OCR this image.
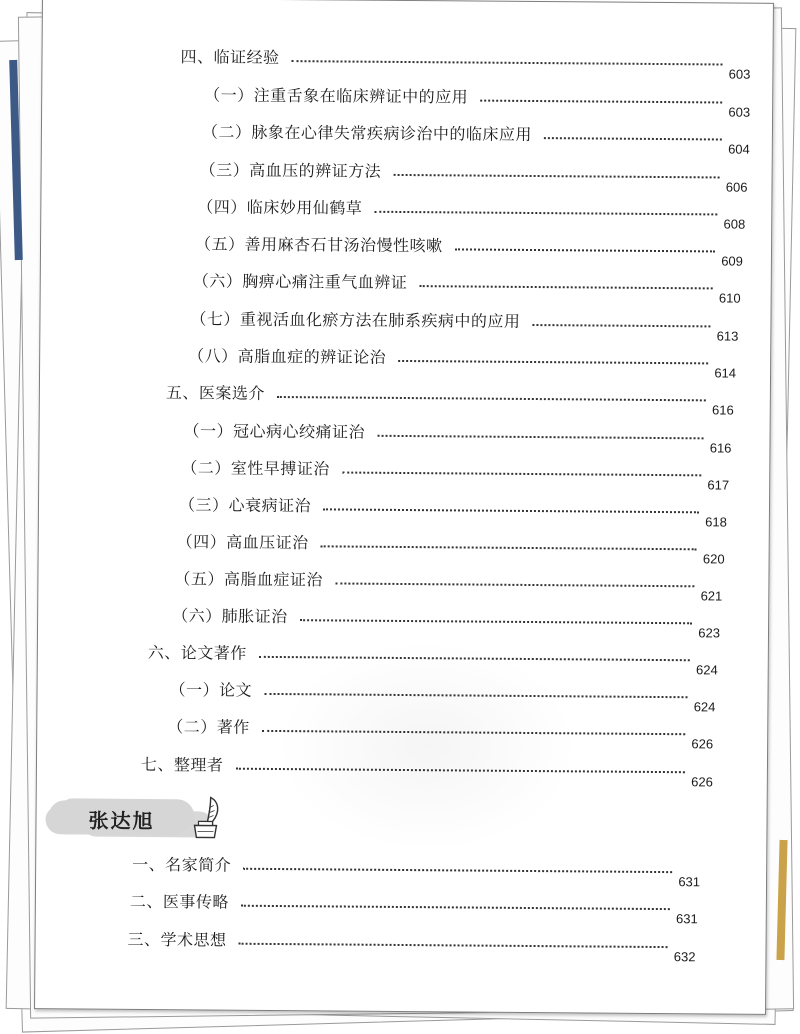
四、临证经验
603
（一）注重舌象在临床辨证中的应用
603
（二）脉象在心律失常疾病诊治中的临床应用
604
（三）高血压的辨证方法
606
（四）临床妙用仙鹤草
608
（五）善用麻杏石甘汤治慢性咳嗽
609
（六）胸痹心痛注重气血辨证
610
（七）重视活血化瘀方法在肺系疾病中的应用
613
（八）高脂血症的辨证论治
614
五、医案选介
616
（一）冠心病心绞痛证治
616
（二）室性早搏证治
617
（三）心衰病证治
618
（四）高血压证治
620
（五）高脂血症证治
621
（六）肺胀证治
623
六、论文著作
624
（一）论文
624
（二）著作
626
七、整理者
626
张达旭
一、名家简介
631
二、医事传略
631
三、学术思想
632
